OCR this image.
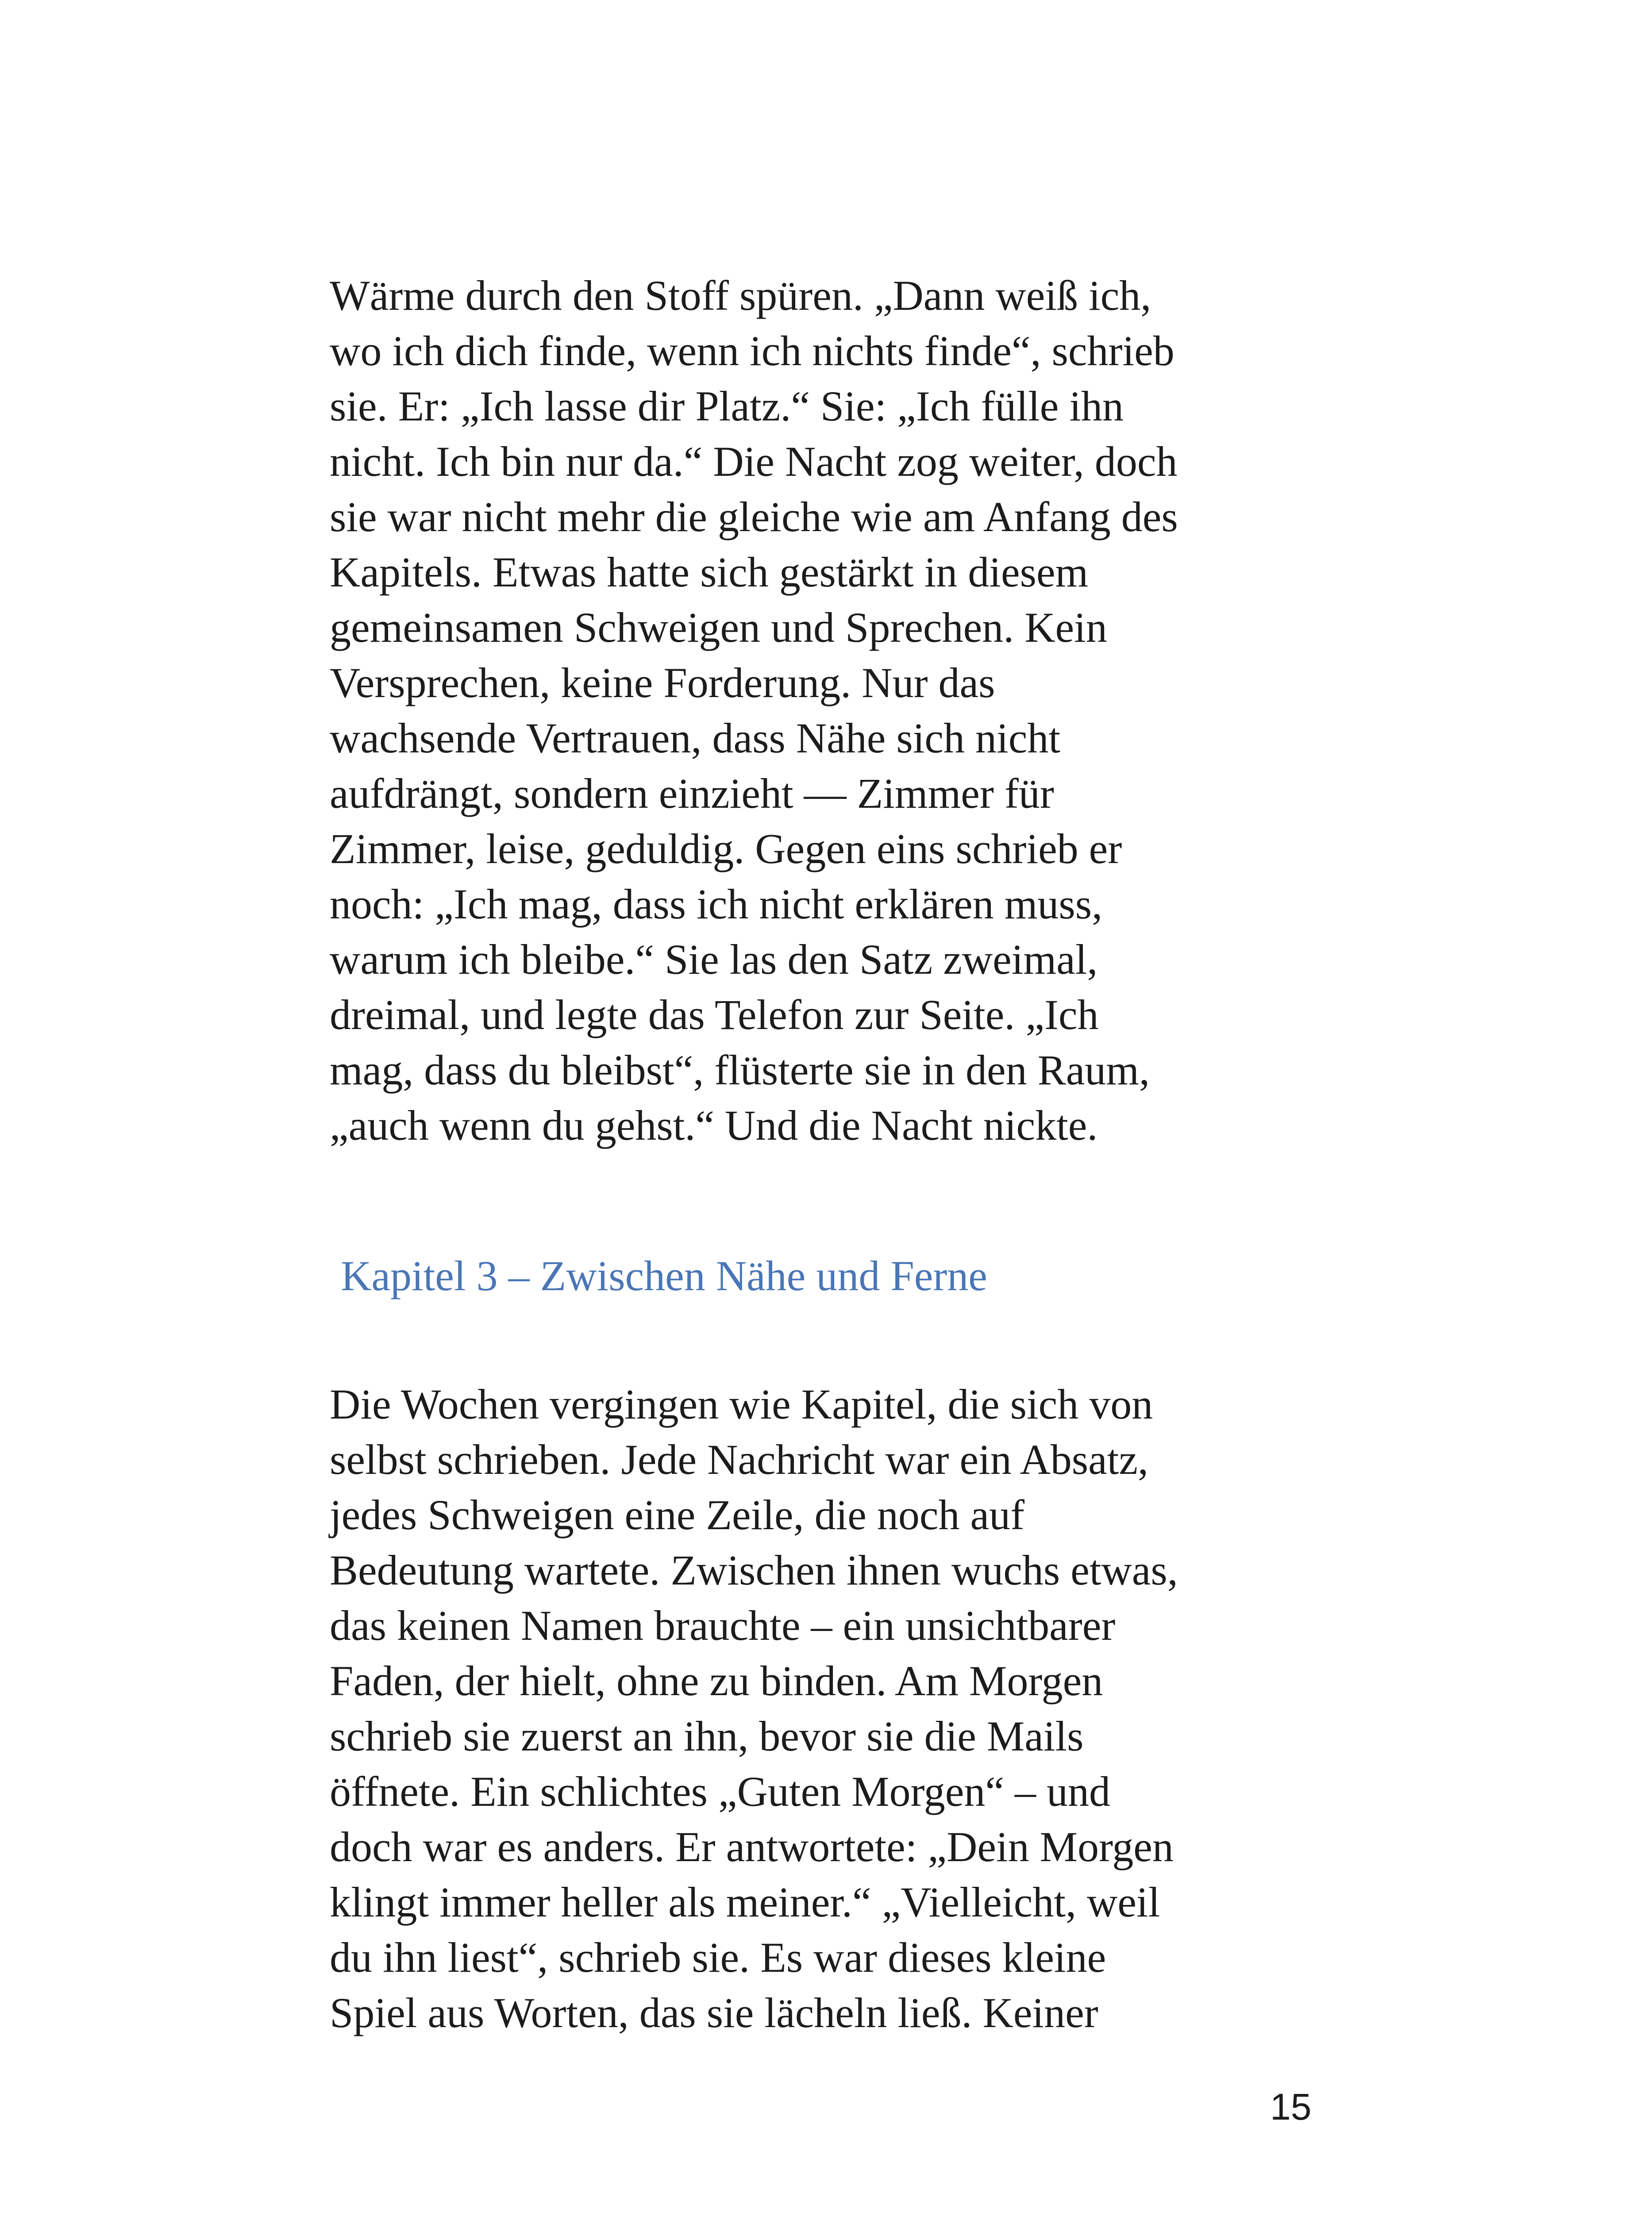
Wärme durch den Stoff spüren. „Dann weiß ich,
wo ich dich finde, wenn ich nichts finde“, schrieb
sie. Er: „Ich lasse dir Platz.“ Sie: „Ich fülle ihn
nicht. Ich bin nur da.“ Die Nacht zog weiter, doch
sie war nicht mehr die gleiche wie am Anfang des
Kapitels. Etwas hatte sich gestärkt in diesem
gemeinsamen Schweigen und Sprechen. Kein
Versprechen, keine Forderung. Nur das
wachsende Vertrauen, dass Nähe sich nicht
aufdrängt, sondern einzieht — Zimmer für
Zimmer, leise, geduldig. Gegen eins schrieb er
noch: „Ich mag, dass ich nicht erklären muss,
warum ich bleibe.“ Sie las den Satz zweimal,
dreimal, und legte das Telefon zur Seite. „Ich
mag, dass du bleibst“, flüsterte sie in den Raum,
„auch wenn du gehst.“ Und die Nacht nickte.
Kapitel 3 – Zwischen Nähe und Ferne
Die Wochen vergingen wie Kapitel, die sich von
selbst schrieben. Jede Nachricht war ein Absatz,
jedes Schweigen eine Zeile, die noch auf
Bedeutung wartete. Zwischen ihnen wuchs etwas,
das keinen Namen brauchte – ein unsichtbarer
Faden, der hielt, ohne zu binden. Am Morgen
schrieb sie zuerst an ihn, bevor sie die Mails
öffnete. Ein schlichtes „Guten Morgen“ – und
doch war es anders. Er antwortete: „Dein Morgen
klingt immer heller als meiner.“ „Vielleicht, weil
du ihn liest“, schrieb sie. Es war dieses kleine
Spiel aus Worten, das sie lächeln ließ. Keiner
15
